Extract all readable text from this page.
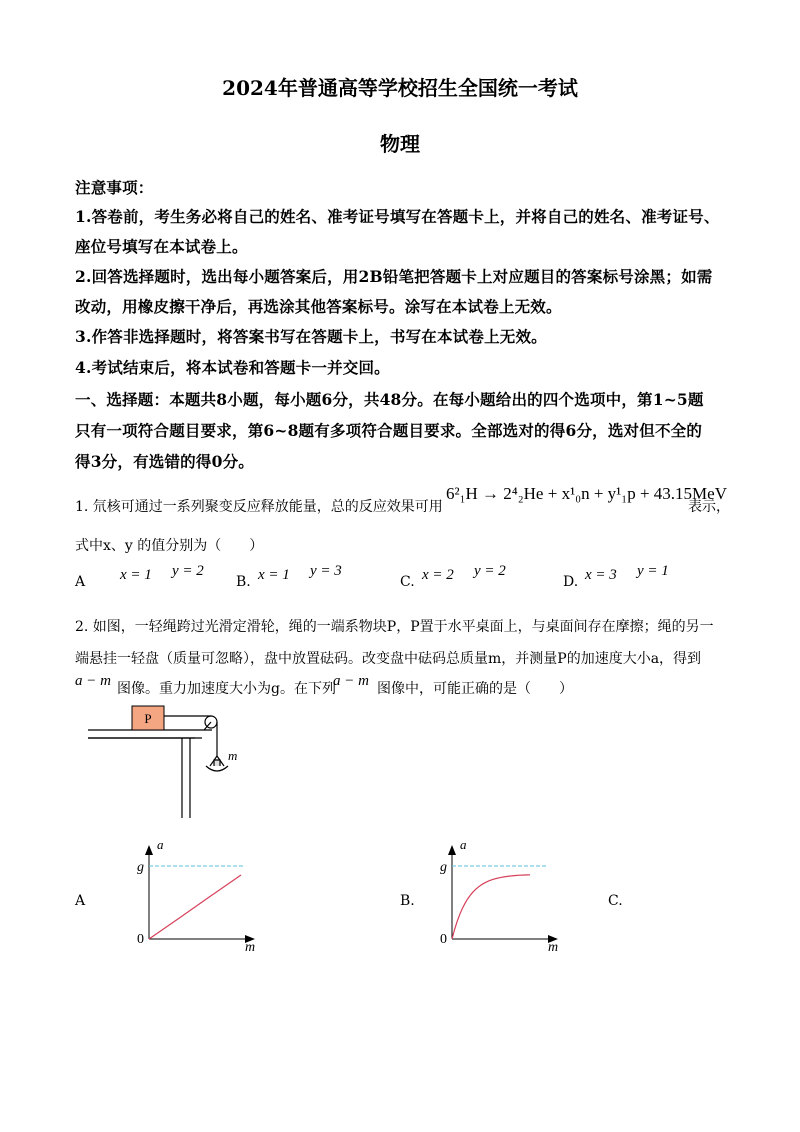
2024年普通高等学校招生全国统一考试
物理
注意事项：
1.答卷前，考生务必将自己的姓名、准考证号填写在答题卡上，并将自己的姓名、准考证号、
座位号填写在本试卷上。
2.回答选择题时，选出每小题答案后，用2B铅笔把答题卡上对应题目的答案标号涂黑；如需
改动，用橡皮擦干净后，再选涂其他答案标号。涂写在本试卷上无效。
3.作答非选择题时，将答案书写在答题卡上，书写在本试卷上无效。
4.考试结束后，将本试卷和答题卡一并交回。
一、选择题：本题共8小题，每小题6分，共48分。在每小题给出的四个选项中，第1~5题
只有一项符合题目要求，第6~8题有多项符合题目要求。全部选对的得6分，选对但不全的
得3分，有选错的得0分。
1. 氘核可通过一系列聚变反应释放能量，总的反应效果可用
6²₁H → 2⁴₂He + x¹₀n + y¹₁p + 43.15MeV
表示，
式中x、y 的值分别为（　　）
A x = 1 y = 2
B. x = 1 y = 3
C. x = 2 y = 2
D. x = 3 y = 1
2. 如图，一轻绳跨过光滑定滑轮，绳的一端系物块P，P置于水平桌面上，与桌面间存在摩擦；绳的另一
端悬挂一轻盘（质量可忽略），盘中放置砝码。改变盘中砝码总质量m，并测量P的加速度大小a，得到
a − m 图像。重力加速度大小为g。在下列
a − m 图像中，可能正确的是（　　）
P
m
A	B.	C.
a
g
0
m
a
g
0
m
